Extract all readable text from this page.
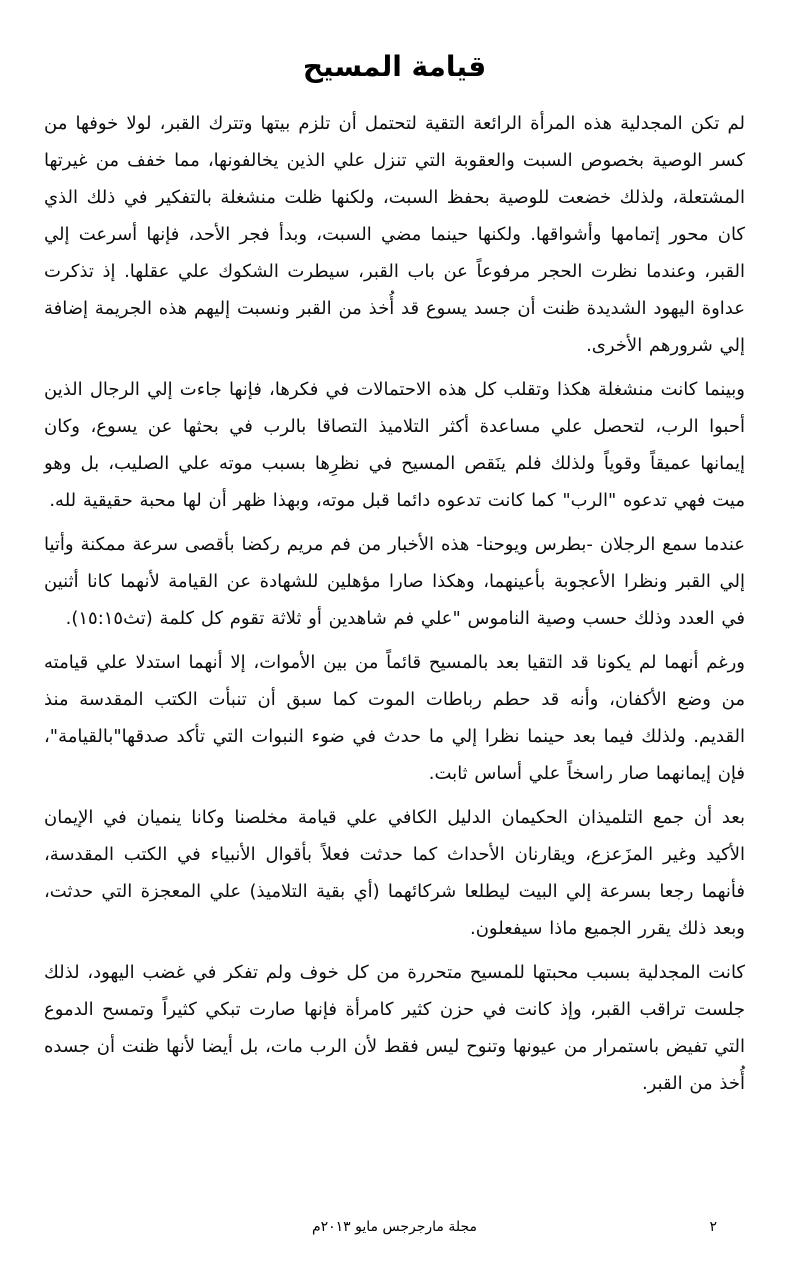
قيامة المسيح

لم تكن المجدلية هذه المرأة الرائعة التقية لتحتمل أن تلزم بيتها وتترك القبر، لولا خوفها من كسر الوصية بخصوص السبت والعقوبة التي تنزل علي الذين يخالفونها، مما خفف من غيرتها المشتعلة، ولذلك خضعت للوصية بحفظ السبت، ولكنها ظلت منشغلة بالتفكير في ذلك الذي كان محور إتمامها وأشواقها. ولكنها حينما مضي السبت، وبدأ فجر الأحد، فإنها أسرعت إلي القبر، وعندما نظرت الحجر مرفوعاً عن باب القبر، سيطرت الشكوك علي عقلها. إذ تذكرت عداوة اليهود الشديدة ظنت أن جسد يسوع قد أُخذ من القبر ونسبت إليهم هذه الجريمة إضافة إلي شرورهم الأخرى.

وبينما كانت منشغلة هكذا وتقلب كل هذه الاحتمالات في فكرها، فإنها جاءت إلي الرجال الذين أحبوا الرب، لتحصل علي مساعدة أكثر التلاميذ التصاقا بالرب في بحثها عن يسوع، وكان إيمانها عميقاً وقوياً ولذلك فلم ينَقص المسيح في نظرِها بسبب موته علي الصليب، بل وهو ميت فهي تدعوه "الرب" كما كانت تدعوه دائما قبل موته، وبهذا ظهر أن لها محبة حقيقية لله.

عندما سمع الرجلان -بطرس ويوحنا- هذه الأخبار من فم مريم ركضا بأقصى سرعة ممكنة وأتيا إلي القبر ونظرا الأعجوبة بأعينهما، وهكذا صارا مؤهلين للشهادة عن القيامة لأنهما كانا أثنين في العدد وذلك حسب وصية الناموس "علي فم شاهدين أو ثلاثة تقوم كل كلمة (تث١٥:١٥).

ورغم أنهما لم يكونا قد التقيا بعد بالمسيح قائماً من بين الأموات، إلا أنهما استدلا علي قيامته من وضع الأكفان، وأنه قد حطم رباطات الموت كما سبق أن تنبأت الكتب المقدسة منذ القديم. ولذلك فيما بعد حينما نظرا إلي ما حدث في ضوء النبوات التي تأكد صدقها"بالقيامة"، فإن إيمانهما صار راسخاً علي أساس ثابت.

بعد أن جمع التلميذان الحكيمان الدليل الكافي علي قيامة مخلصنا وكانا ينميان في الإيمان الأكيد وغير المزَعزع، ويقارنان الأحداث كما حدثت فعلاً بأقوال الأنبياء في الكتب المقدسة، فأنهما رجعا بسرعة إلي البيت ليطلعا شركائهما (أي بقية التلاميذ) علي المعجزة التي حدثت، وبعد ذلك يقرر الجميع ماذا سيفعلون.

كانت المجدلية بسبب محبتها للمسيح متحررة من كل خوف ولم تفكر في غضب اليهود، لذلك جلست تراقب القبر، وإذ كانت في حزن كثير كامرأة فإنها صارت تبكي كثيراً وتمسح الدموع التي تفيض باستمرار من عيونها وتنوح ليس فقط لأن الرب مات، بل أيضا لأنها ظنت أن جسده أُخذ من القبر.

مجلة مارجرجس مايو ٢٠١٣م	٢
